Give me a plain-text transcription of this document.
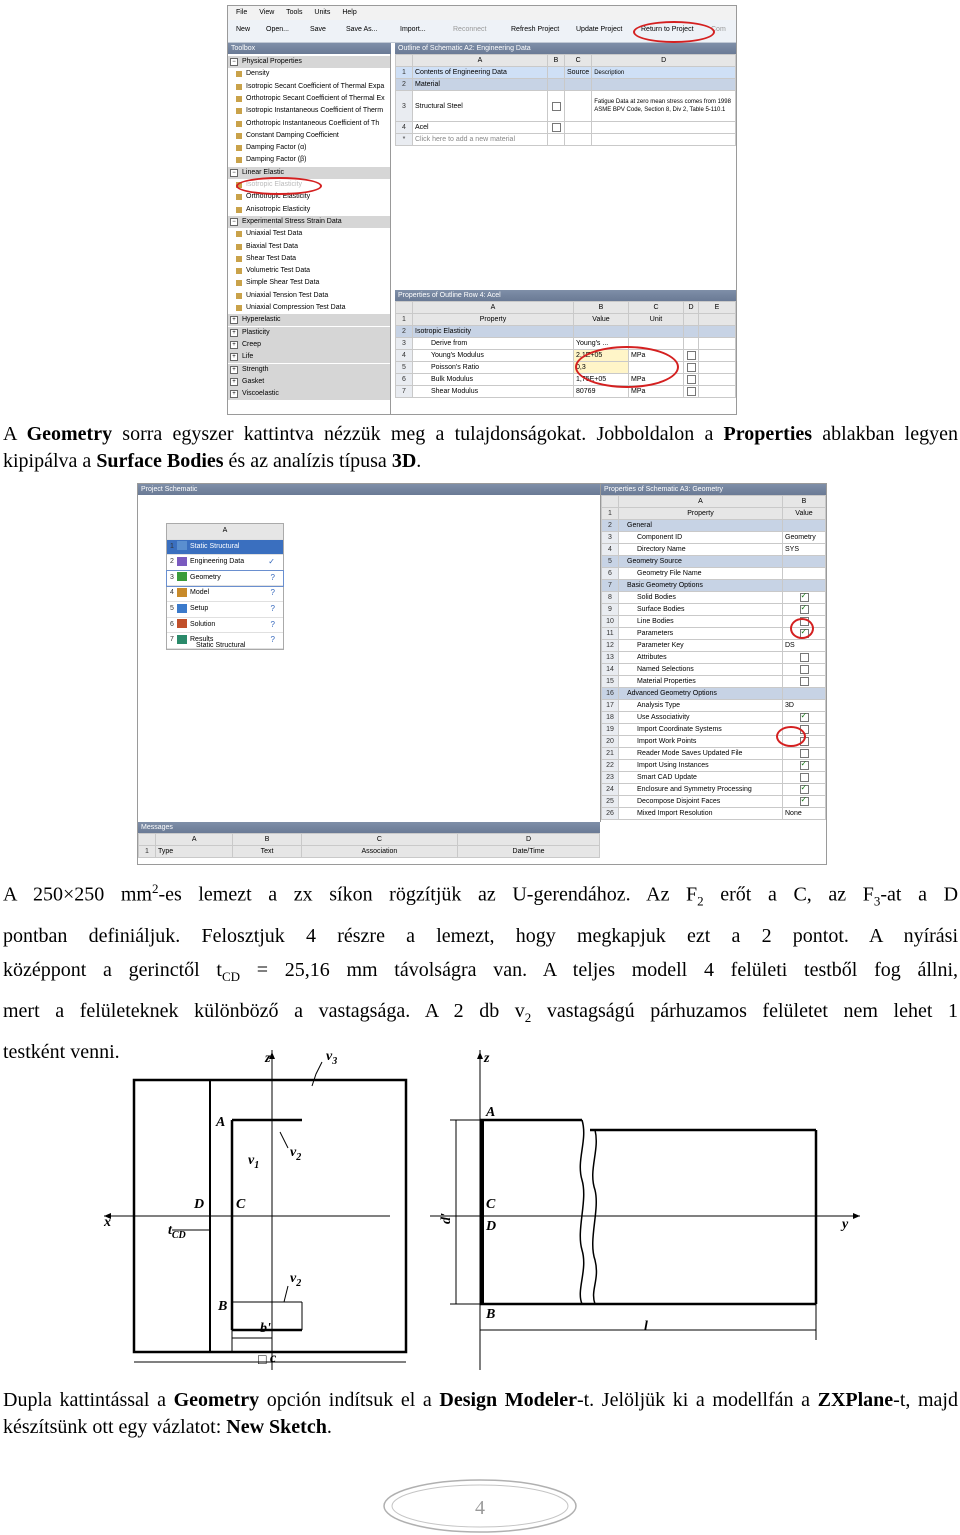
File View Tools Units Help
New Open...	Save	Save As...	Import...	Reconnect	Refresh Project Update Project	Return to Project Com
Toolbox
− Physical Properties
Density
Isotropic Secant Coefficient of Thermal Expa
Orthotropic Secant Coefficient of Thermal Ex
Isotropic Instantaneous Coefficient of Therm
Orthotropic Instantaneous Coefficient of Th
Constant Damping Coefficient
Damping Factor (α)
Damping Factor (β)
− Linear Elastic
Isotropic Elasticity
Orthotropic Elasticity
Anisotropic Elasticity
− Experimental Stress Strain Data
Uniaxial Test Data
Biaxial Test Data
Shear Test Data
Volumetric Test Data
Simple Shear Test Data
Uniaxial Tension Test Data
Uniaxial Compression Test Data
+ Hyperelastic
+ Plasticity
+ Creep
+ Life
+ Strength
+ Gasket
+ Viscoelastic
Outline of Schematic A2: Engineering Data
	A	B	C	D
1	Contents of Engineering Data		Source	Description
2	Material			
3	Structural Steel			Fatigue Data at zero mean stress comes from 1998 ASME BPV Code, Section 8, Div 2, Table 5-110.1
4	Acel			
*	Click here to add a new material			
Properties of Outline Row 4: Acel
	A	B	C	D	E
1	Property	Value	Unit		
2	Isotropic Elasticity				
3	Derive from	Young's ...			
4	Young's Modulus	2,1E+05	MPa		
5	Poisson's Ratio	0,3			
6	Bulk Modulus	1,75E+05	MPa		
7	Shear Modulus	80769	MPa		
A Geometry sorra egyszer kattintva nézzük meg a tulajdonságokat. Jobboldalon a Properties ablakban legyen kipipálva a Surface Bodies és az analízis típusa 3D.
Project Schematic
A
1 Static Structural
2 Engineering Data	✓
3 Geometry	?
4 Model	?
5 Setup	?
6 Solution	?
7 Results	?
Static Structural
Messages
	A	B	C	D
1	Type	Text	Association	Date/Time
Properties of Schematic A3: Geometry
	A	B
1	Property	Value
2	General	
3	Component ID	Geometry
4	Directory Name	SYS
5	Geometry Source	
6	Geometry File Name	
7	Basic Geometry Options	
8	Solid Bodies	✓
9	Surface Bodies	✓
10	Line Bodies	
11	Parameters	✓
12	Parameter Key	DS
13	Attributes	
14	Named Selections	
15	Material Properties	
16	Advanced Geometry Options	
17	Analysis Type	3D
18	Use Associativity	✓
19	Import Coordinate Systems	
20	Import Work Points	
21	Reader Mode Saves Updated File	
22	Import Using Instances	✓
23	Smart CAD Update	
24	Enclosure and Symmetry Processing	✓
25	Decompose Disjoint Faces	✓
26	Mixed Import Resolution	None
A 250×250 $mm^2-es$ lemezt a zx síkon rögzítjük az U-gerendához. Az $F_2$ erőt a C, az $F_3-at$ a D
pontban definiáljuk. Felosztjuk 4 részre a lemezt, hogy megkapjuk ezt a 2 pontot. A nyírási
középpont a gerinctől $t_{CD} = 25,16$ mm távolságra van. A teljes modell 4 felületi testből fog állni,
mert a felületeknek különböző a vastagsága. A 2 db $v_2$ vastagságú párhuzamos felületet nem lehet 1
testként venni.	z	$v_3$
A
$v_1$
$v_2$
D C
x
$t_{CD}$
$v_2$
B
b'
□ c
z
A
d'
C
D	y
B
l
Dupla kattintással a Geometry opción indítsuk el a Design Modeler-t. Jelöljük ki a modellfán a ZXPlane-t, majd készítsünk ott egy vázlatot: New Sketch.
4
